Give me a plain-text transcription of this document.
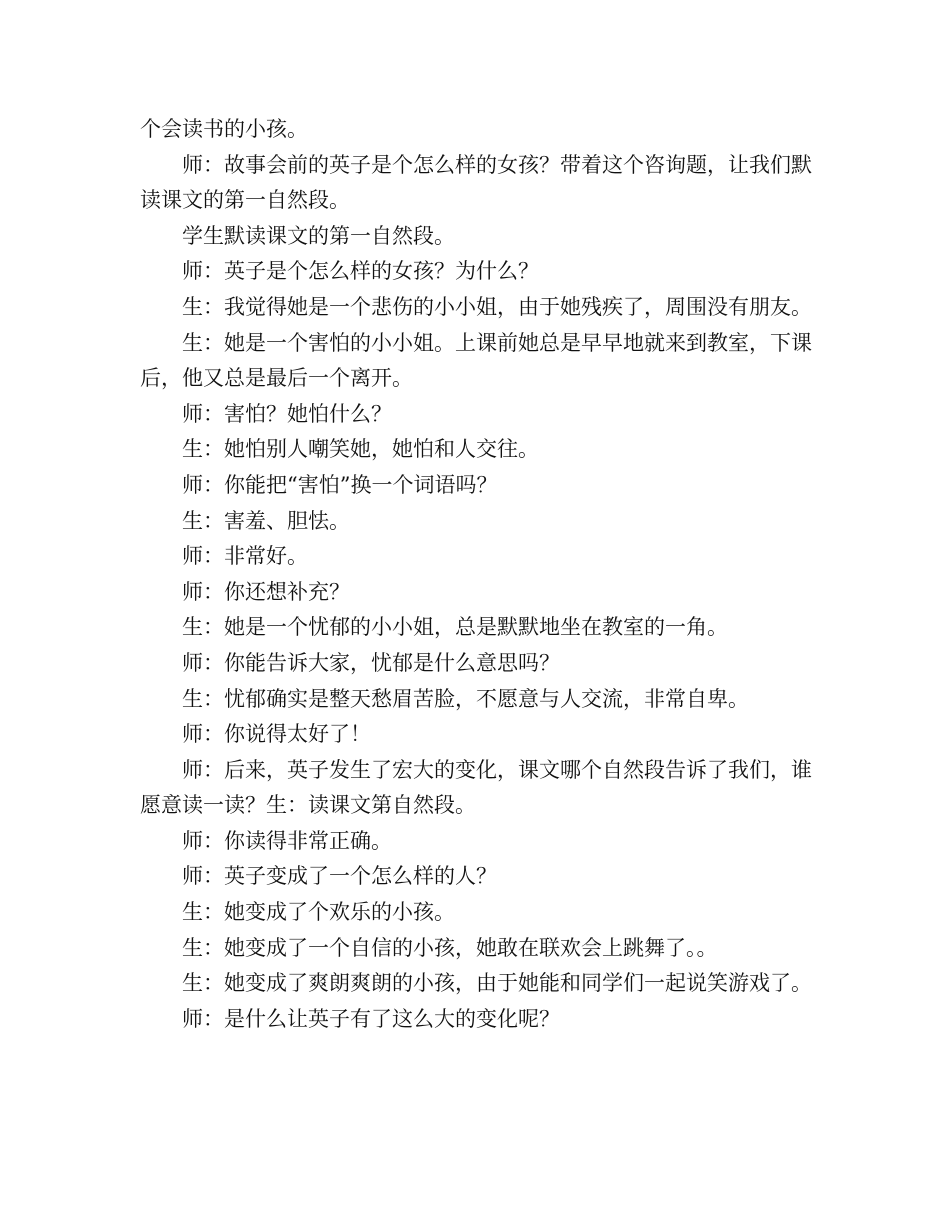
个会读书的小孩。

师：故事会前的英子是个怎么样的女孩？带着这个咨询题，让我们默读课文的第一自然段。

学生默读课文的第一自然段。

师：英子是个怎么样的女孩？为什么？

生：我觉得她是一个悲伤的小小姐，由于她残疾了，周围没有朋友。

生：她是一个害怕的小小姐。上课前她总是早早地就来到教室，下课后，他又总是最后一个离开。

师：害怕？她怕什么？

生：她怕别人嘲笑她，她怕和人交往。

师：你能把“害怕”换一个词语吗？

生：害羞、胆怯。

师：非常好。

师：你还想补充？

生：她是一个忧郁的小小姐，总是默默地坐在教室的一角。

师：你能告诉大家，忧郁是什么意思吗？

生：忧郁确实是整天愁眉苦脸，不愿意与人交流，非常自卑。

师：你说得太好了！

师：后来，英子发生了宏大的变化，课文哪个自然段告诉了我们，谁愿意读一读？生：读课文第自然段。

师：你读得非常正确。

师：英子变成了一个怎么样的人？

生：她变成了个欢乐的小孩。

生：她变成了一个自信的小孩，她敢在联欢会上跳舞了。。

生：她变成了爽朗爽朗的小孩，由于她能和同学们一起说笑游戏了。

师：是什么让英子有了这么大的变化呢？
